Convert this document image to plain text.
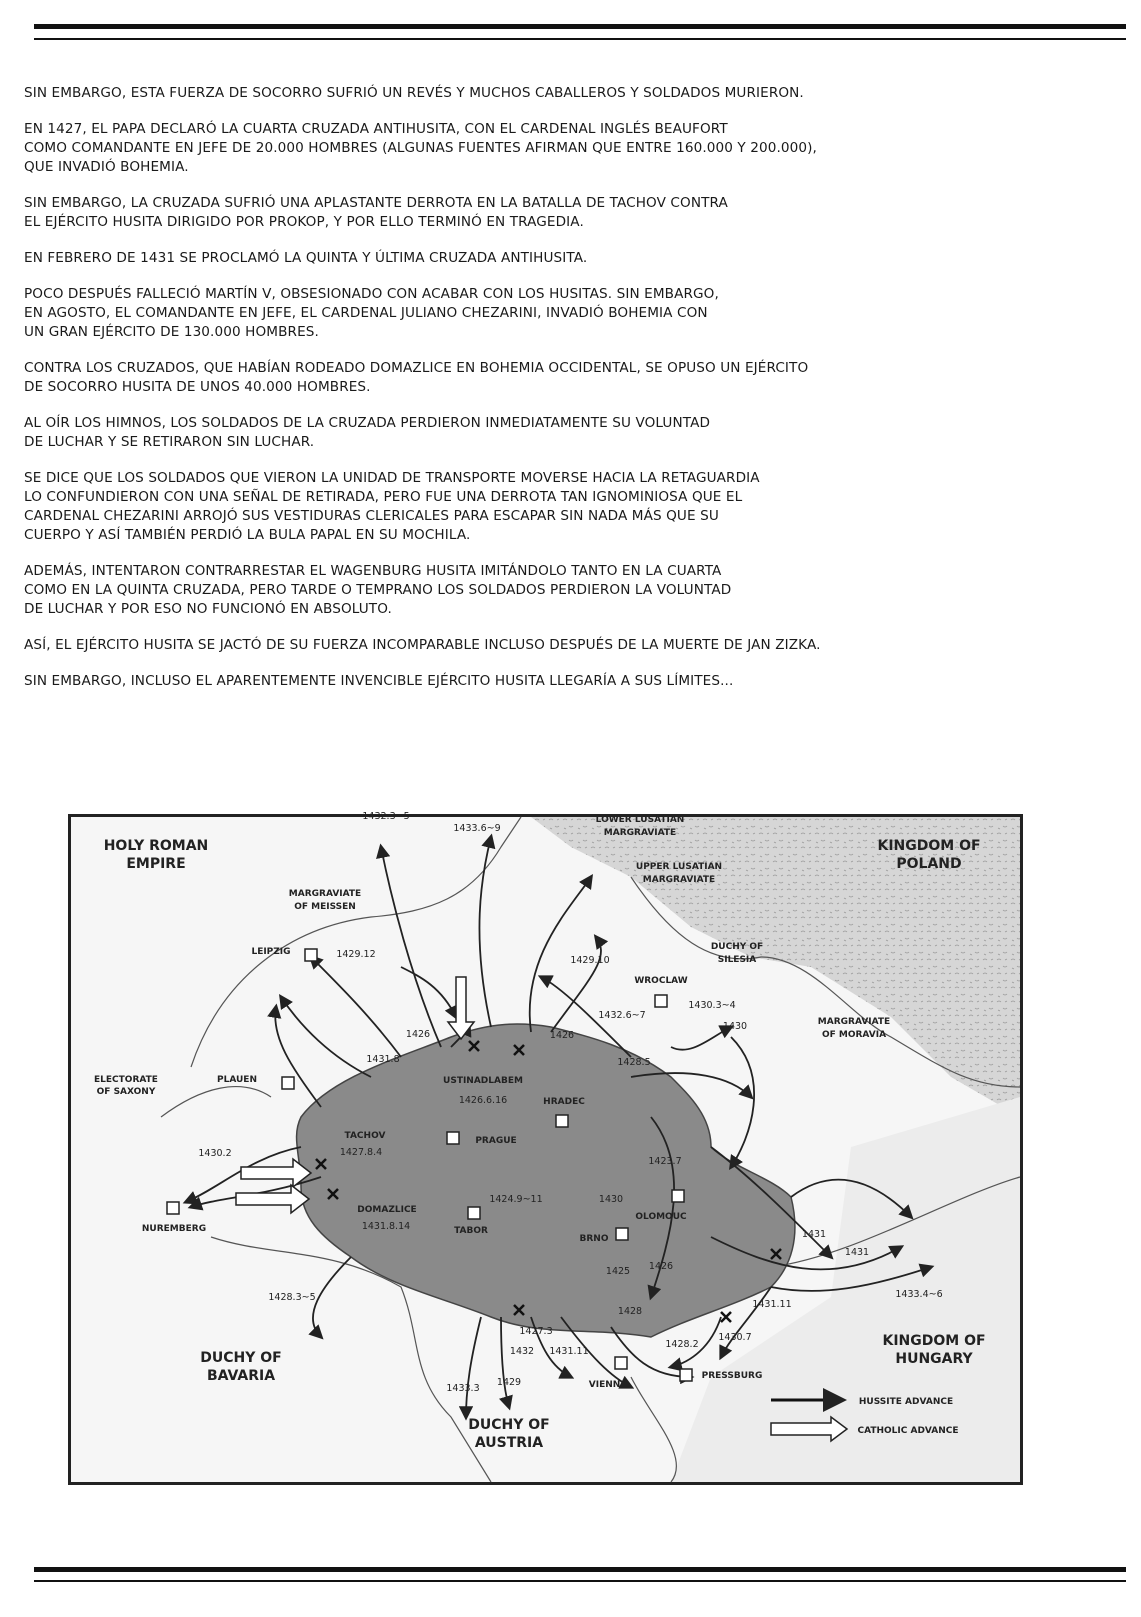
SIN EMBARGO, ESTA FUERZA DE SOCORRO SUFRIÓ UN REVÉS Y MUCHOS CABALLEROS Y SOLDADOS MURIERON.

EN 1427, EL PAPA DECLARÓ LA CUARTA CRUZADA ANTIHUSITA, CON EL CARDENAL INGLÉS BEAUFORT
COMO COMANDANTE EN JEFE DE 20.000 HOMBRES (ALGUNAS FUENTES AFIRMAN QUE ENTRE 160.000 Y 200.000),
QUE INVADIÓ BOHEMIA.

SIN EMBARGO, LA CRUZADA SUFRIÓ UNA APLASTANTE DERROTA EN LA BATALLA DE TACHOV CONTRA
EL EJÉRCITO HUSITA DIRIGIDO POR PROKOP, Y POR ELLO TERMINÓ EN TRAGEDIA.

EN FEBRERO DE 1431 SE PROCLAMÓ LA QUINTA Y ÚLTIMA CRUZADA ANTIHUSITA.

POCO DESPUÉS FALLECIÓ MARTÍN V, OBSESIONADO CON ACABAR CON LOS HUSITAS. SIN EMBARGO,
EN AGOSTO, EL COMANDANTE EN JEFE, EL CARDENAL JULIANO CHEZARINI, INVADIÓ BOHEMIA CON
UN GRAN EJÉRCITO DE 130.000 HOMBRES.

CONTRA LOS CRUZADOS, QUE HABÍAN RODEADO DOMAZLICE EN BOHEMIA OCCIDENTAL, SE OPUSO UN EJÉRCITO
DE SOCORRO HUSITA DE UNOS 40.000 HOMBRES.

AL OÍR LOS HIMNOS, LOS SOLDADOS DE LA CRUZADA PERDIERON INMEDIATAMENTE SU VOLUNTAD
DE LUCHAR Y SE RETIRARON SIN LUCHAR.

SE DICE QUE LOS SOLDADOS QUE VIERON LA UNIDAD DE TRANSPORTE MOVERSE HACIA LA RETAGUARDIA
LO CONFUNDIERON CON UNA SEÑAL DE RETIRADA, PERO FUE UNA DERROTA TAN IGNOMINIOSA QUE EL
CARDENAL CHEZARINI ARROJÓ SUS VESTIDURAS CLERICALES PARA ESCAPAR SIN NADA MÁS QUE SU
CUERPO Y ASÍ TAMBIÉN PERDIÓ LA BULA PAPAL EN SU MOCHILA.

ADEMÁS, INTENTARON CONTRARRESTAR EL WAGENBURG HUSITA IMITÁNDOLO TANTO EN LA CUARTA
COMO EN LA QUINTA CRUZADA, PERO TARDE O TEMPRANO LOS SOLDADOS PERDIERON LA VOLUNTAD
DE LUCHAR Y POR ESO NO FUNCIONÓ EN ABSOLUTO.

ASÍ, EL EJÉRCITO HUSITA SE JACTÓ DE SU FUERZA INCOMPARABLE INCLUSO DESPUÉS DE LA MUERTE DE JAN ZIZKA.

SIN EMBARGO, INCLUSO EL APARENTEMENTE INVENCIBLE EJÉRCITO HUSITA LLEGARÍA A SUS LÍMITES...

HOLY ROMAN
EMPIRE
KINGDOM OF
POLAND
KINGDOM OF
HUNGARY
DUCHY OF
BAVARIA
DUCHY OF
AUSTRIA
MARGRAVIATE
OF MEISSEN
LOWER LUSATIAN
MARGRAVIATE
UPPER LUSATIAN
MARGRAVIATE
DUCHY OF
SILESIA
MARGRAVIATE
OF MORAVIA
ELECTORATE
OF SAXONY
LEIPZIG
PLAUEN
NUREMBERG
PRAGUE
TABOR
HRADEC
WROCLAW
OLOMOUC
BRNO
VIENNA
PRESSBURG
USTINADLABEM
1426.6.16
TACHOV
1427.8.4
DOMAZLICE
1431.8.14
1432.3~5
1433.6~9
1429.12
1429.10
1426
1431.8
1426
1432.6~7
1430.3~4
1430
1428.5
1430.2
1423.7
1424.9~11	1430
1431
1431
1425 1426
1428
1428.3~5
1427.3
1432 1431.11
1431.11
1433.4~6
1428.2
1430.7
1433.3
1429
HUSSITE ADVANCE
CATHOLIC ADVANCE
